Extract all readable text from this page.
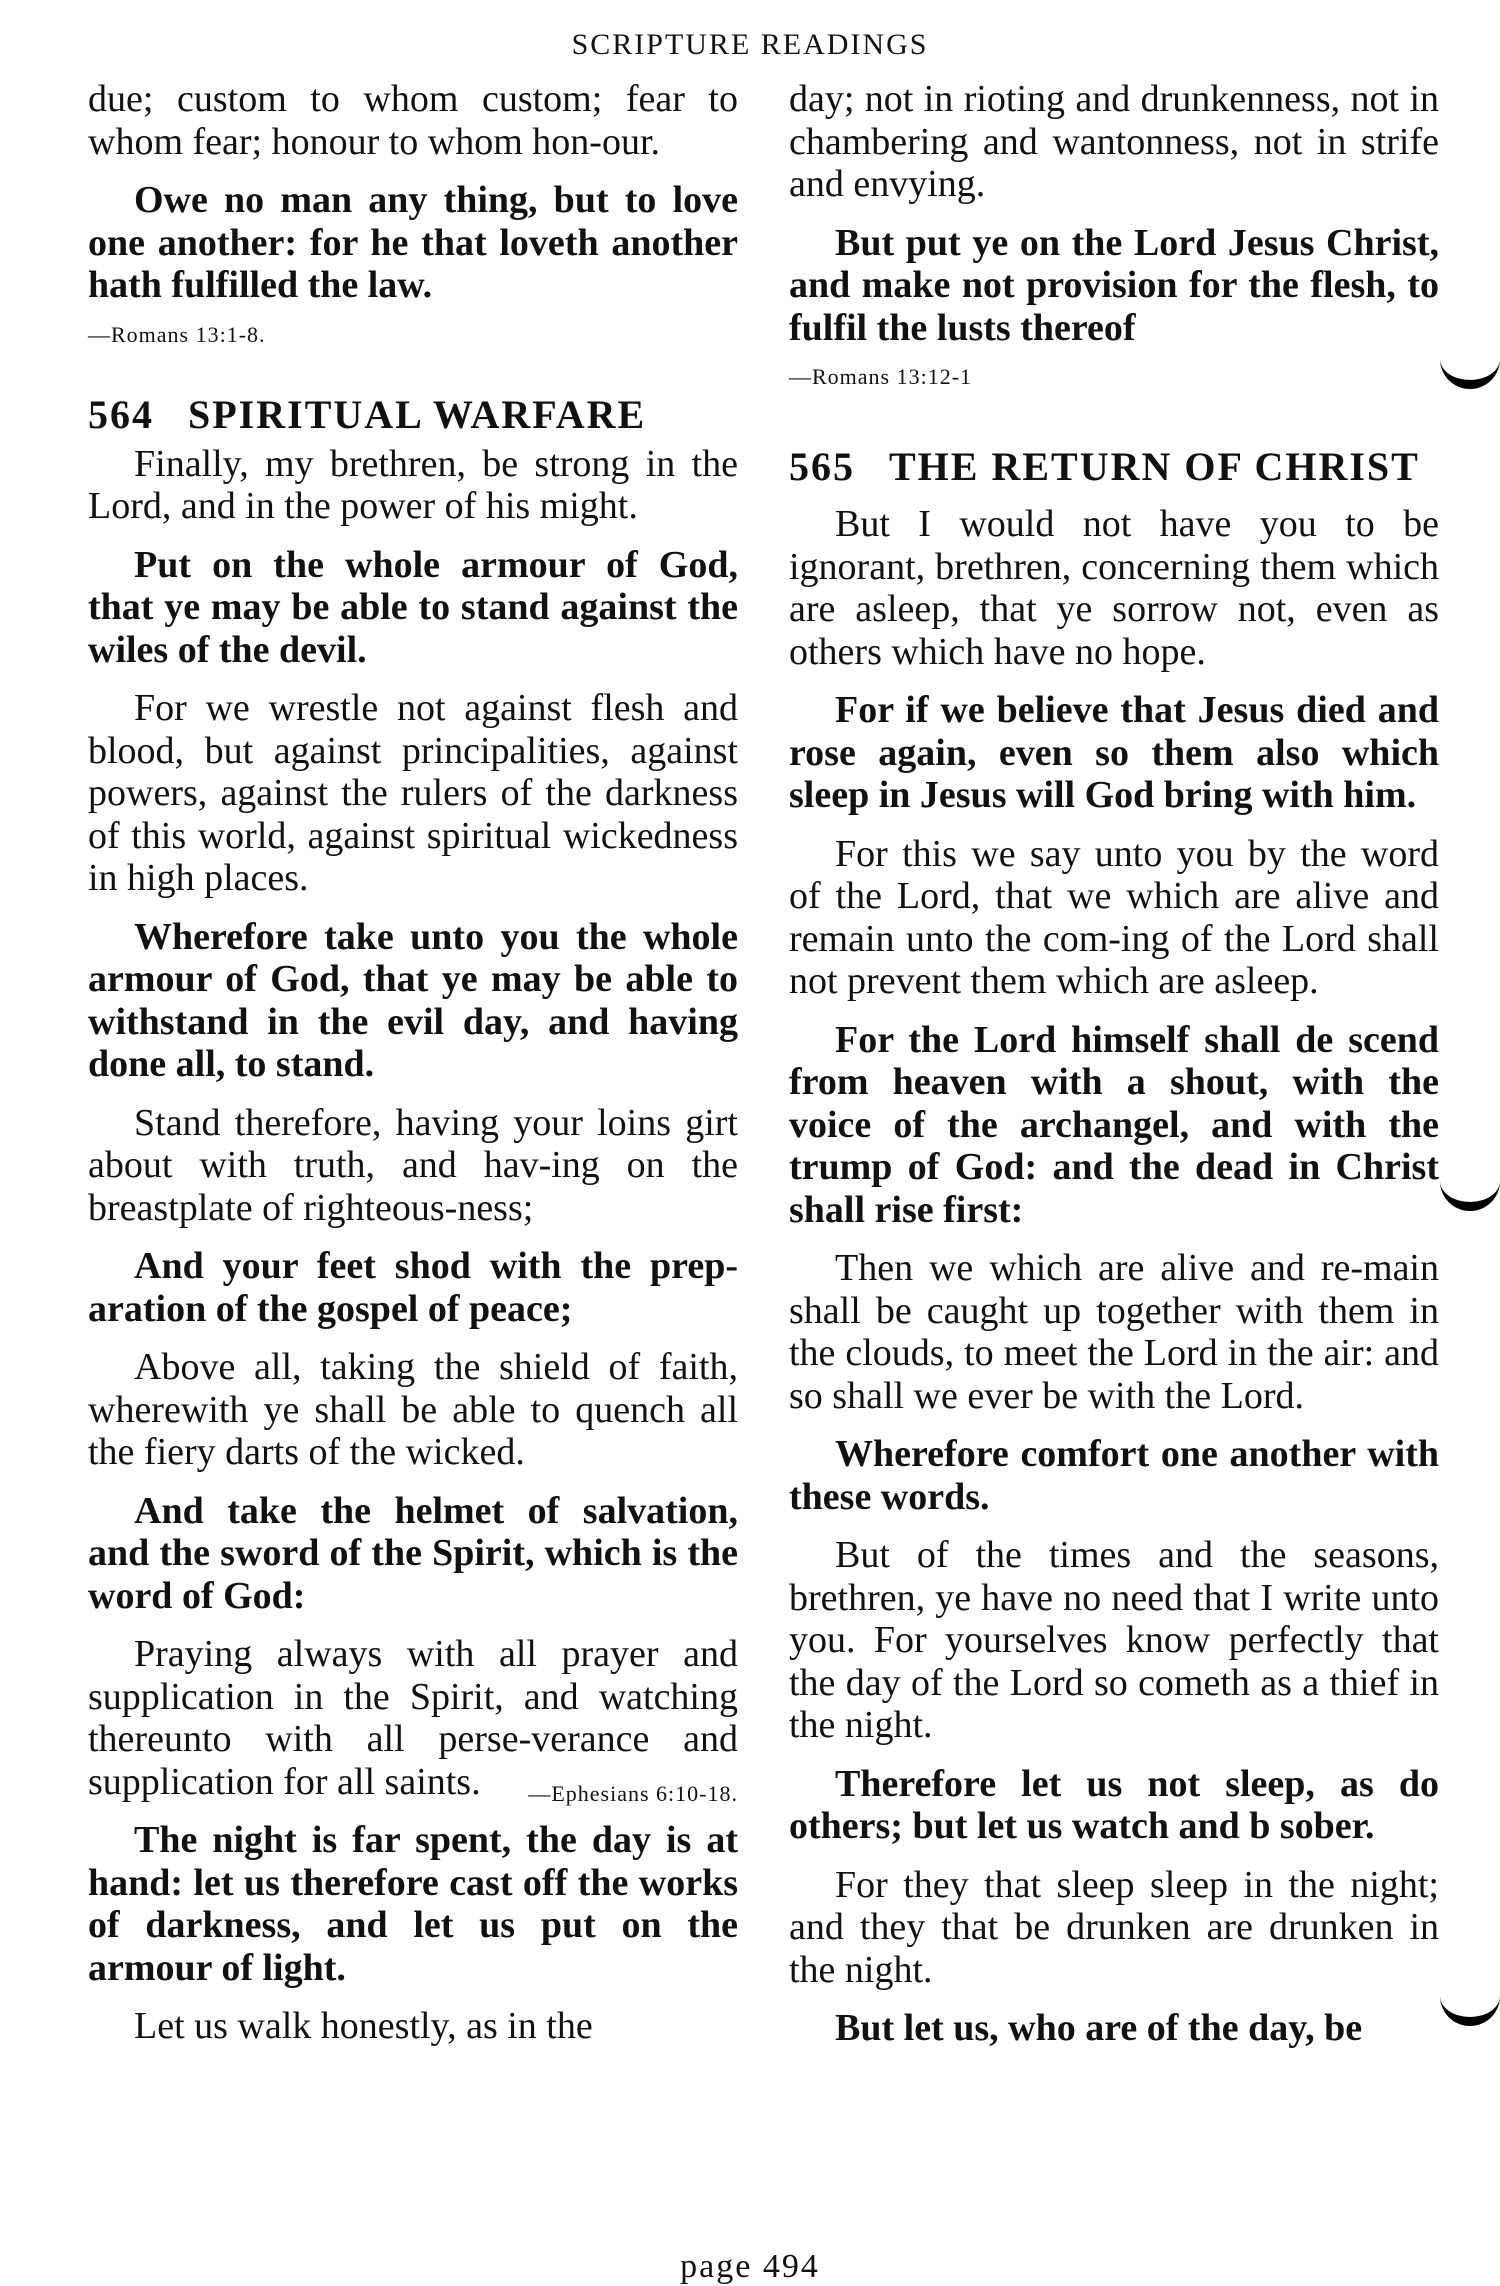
SCRIPTURE READINGS

due; custom to whom custom; fear to whom fear; honour to whom hon-our.

Owe no man any thing, but to love one another: for he that loveth another hath fulfilled the law.

—Romans 13:1-8.

564 SPIRITUAL WARFARE

Finally, my brethren, be strong in the Lord, and in the power of his might.

Put on the whole armour of God, that ye may be able to stand against the wiles of the devil.

For we wrestle not against flesh and blood, but against principalities, against powers, against the rulers of the darkness of this world, against spiritual wickedness in high places.

Wherefore take unto you the whole armour of God, that ye may be able to withstand in the evil day, and having done all, to stand.

Stand therefore, having your loins girt about with truth, and hav-ing on the breastplate of righteous-ness;

And your feet shod with the prep-aration of the gospel of peace;

Above all, taking the shield of faith, wherewith ye shall be able to quench all the fiery darts of the wicked.

And take the helmet of salvation, and the sword of the Spirit, which is the word of God:

Praying always with all prayer and supplication in the Spirit, and watching thereunto with all perse-verance and supplication for all saints.	—Ephesians 6:10-18.

The night is far spent, the day is at hand: let us therefore cast off the works of darkness, and let us put on the armour of light.

Let us walk honestly, as in the

day; not in rioting and drunkenness, not in chambering and wantonness, not in strife and envying.

But put ye on the Lord Jesus Christ, and make not provision for the flesh, to fulfil the lusts thereof

—Romans 13:12-1

565 THE RETURN OF CHRIST

But I would not have you to be ignorant, brethren, concerning them which are asleep, that ye sorrow not, even as others which have no hope.

For if we believe that Jesus died and rose again, even so them also which sleep in Jesus will God bring with him.

For this we say unto you by the word of the Lord, that we which are alive and remain unto the com-ing of the Lord shall not prevent them which are asleep.

For the Lord himself shall de scend from heaven with a shout, with the voice of the archangel, and with the trump of God: and the dead in Christ shall rise first:

Then we which are alive and re-main shall be caught up together with them in the clouds, to meet the Lord in the air: and so shall we ever be with the Lord.

Wherefore comfort one another with these words.

But of the times and the seasons, brethren, ye have no need that I write unto you. For yourselves know perfectly that the day of the Lord so cometh as a thief in the night.

Therefore let us not sleep, as do others; but let us watch and b sober.

For they that sleep sleep in the night; and they that be drunken are drunken in the night.

But let us, who are of the day, be

page 494
